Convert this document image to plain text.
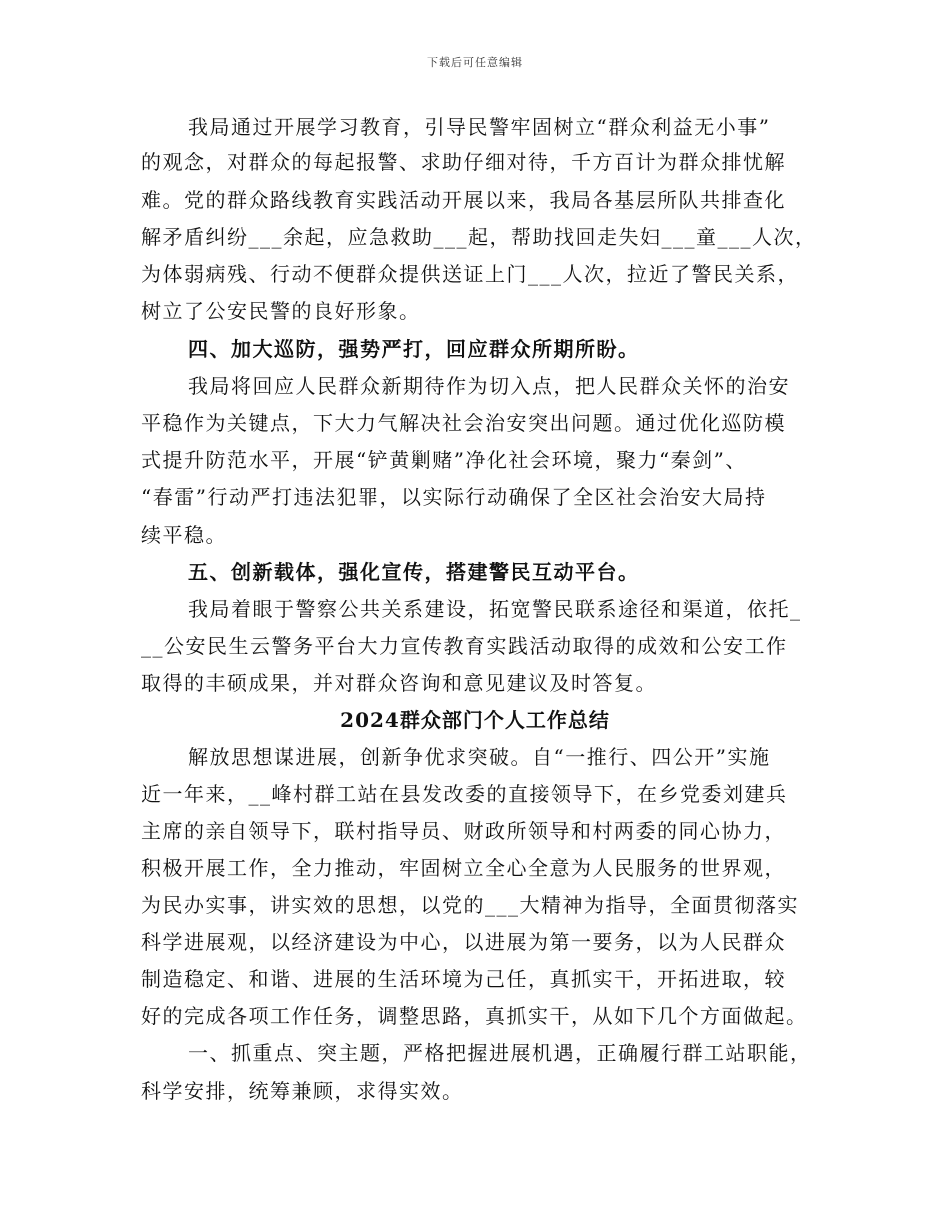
下载后可任意编辑
我局通过开展学习教育，引导民警牢固树立“群众利益无小事”
的观念，对群众的每起报警、求助仔细对待，千方百计为群众排忧解
难。党的群众路线教育实践活动开展以来，我局各基层所队共排查化
解矛盾纠纷___余起，应急救助___起，帮助找回走失妇___童___人次，
为体弱病残、行动不便群众提供送证上门___人次，拉近了警民关系，
树立了公安民警的良好形象。
四、加大巡防，强势严打，回应群众所期所盼。
我局将回应人民群众新期待作为切入点，把人民群众关怀的治安
平稳作为关键点，下大力气解决社会治安突出问题。通过优化巡防模
式提升防范水平，开展“铲黄剿赌”净化社会环境，聚力“秦剑”、
“春雷”行动严打违法犯罪，以实际行动确保了全区社会治安大局持
续平稳。
五、创新载体，强化宣传，搭建警民互动平台。
我局着眼于警察公共关系建设，拓宽警民联系途径和渠道，依托_
__公安民生云警务平台大力宣传教育实践活动取得的成效和公安工作
取得的丰硕成果，并对群众咨询和意见建议及时答复。
2024群众部门个人工作总结
解放思想谋进展，创新争优求突破。自“一推行、四公开”实施
近一年来，__峰村群工站在县发改委的直接领导下，在乡党委刘建兵
主席的亲自领导下，联村指导员、财政所领导和村两委的同心协力，
积极开展工作，全力推动，牢固树立全心全意为人民服务的世界观，
为民办实事，讲实效的思想，以党的___大精神为指导，全面贯彻落实
科学进展观，以经济建设为中心，以进展为第一要务，以为人民群众
制造稳定、和谐、进展的生活环境为己任，真抓实干，开拓进取，较
好的完成各项工作任务，调整思路，真抓实干，从如下几个方面做起。
一、抓重点、突主题，严格把握进展机遇，正确履行群工站职能，
科学安排，统筹兼顾，求得实效。
